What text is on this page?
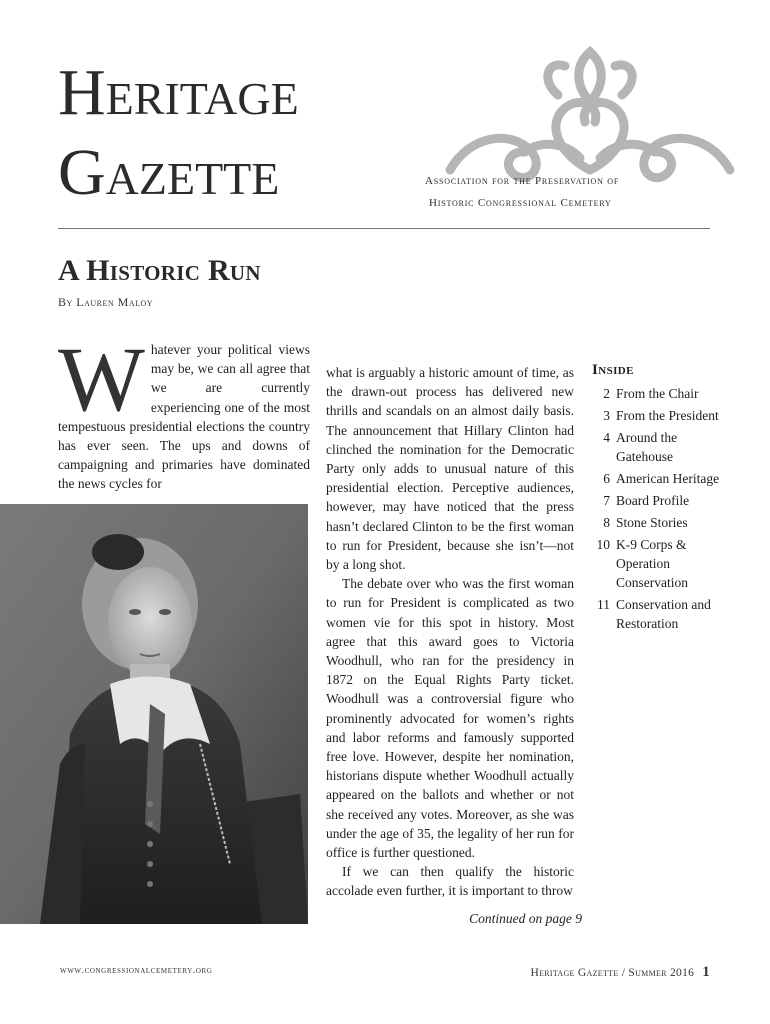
Heritage
Gazette	Association for the Preservation of
Historic Congressional Cemetery
A Historic Run
By Lauren Maloy
W hatever your political views may be, we can all agree that we are currently experiencing one of the most tempestuous presidential elections the country has ever seen. The ups and downs of campaigning and primaries have dominated the news cycles for

what is arguably a historic amount of time, as the drawn-out process has delivered new thrills and scandals on an almost daily basis. The announcement that Hillary Clinton had clinched the nomination for the Democratic Party only adds to unusual nature of this presidential election. Perceptive audiences, however, may have noticed that the press hasn’t declared Clinton to be the first woman to run for President, because she isn’t—not by a long shot.

The debate over who was the first woman to run for President is complicated as two women vie for this spot in history. Most agree that this award goes to Victoria Woodhull, who ran for the presidency in 1872 on the Equal Rights Party ticket. Woodhull was a controversial figure who prominently advocated for women’s rights and labor reforms and famously supported free love. However, despite her nomination, historians dispute whether Woodhull actually appeared on the ballots and whether or not she received any votes. Moreover, as she was under the age of 35, the legality of her run for office is further questioned.

If we can then qualify the historic accolade even further, it is important to throw

Continued on page 9
Inside
2 From the Chair
3 From the President
4 Around the Gatehouse
6 American Heritage
7 Board Profile
8 Stone Stories
10 K-9 Corps & Operation Conservation
11 Conservation and Restoration
www.congressionalcemetery.org	Heritage Gazette / Summer 2016 1
